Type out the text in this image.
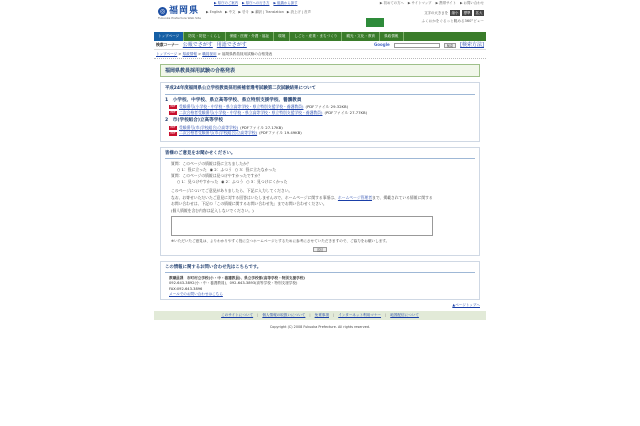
◎ 福岡県
Fukuoka Prefecture Web Site
▶ 県庁のご案内 ▶ 県庁への行き方 ▶ 組織から探す
▶ English ▶ 中文 ▶ 한국 ▶ 翻訳 | Translation ▶ 読上げ | 音声
▶ 初めての方へ ▶ サイトマップ ▶ 携帯サイト ▶ お問い合わせ
文字の大きさを	縮小	標準	拡大
ふくおかをぐるっと眺める360°ビュー
トップページ	防災・防犯・くらし	保健・医療・介護・福祉	環境	しごと・産業・まちづくり	観光・文化・教育	県政情報
検索コーナー 公報でさがす 用語でさがす	Google	検索	[検索方法]
トップページ > 県政情報 > 職員採用 > 福岡県教員採用試験の合格発表
福岡県教員採用試験の合格発表
平成24年度福岡県公立学校教員採用候補者選考試験第二次試験結果について
1　小学校、中学校、県立高等学校、県立特別支援学校、養護教員
PDF 受験番号(小学校・中学校・県立高等学校・県立特別支援学校・養護教員) (PDFファイル 29.32KB)
PDF 二次合格者受験番号(小学校・中学校・県立高等学校・県立特別支援学校・養護教員) (PDFファイル 27.77KB)
2　市(学校組合)立高等学校
PDF 受験番号(市(学校組合)立高等学校) (PDFファイル 27.17KB)
PDF 二次合格者受験番号(市(学校組合)立高等学校) (PDFファイル 19.49KB)
皆様のご意見をお聞かせください。
質問：このページの情報は役に立ちましたか？
○ 1：役に立った ◉ 2：ふつう ○ 3：役に立たなかった
質問：このページの情報は見つけやすかったですか？
○ 1：見つけやすかった ◉ 2：ふつう ○ 3：見つけにくかった
このページについてご意見がありましたら、下記に入力してください。
なお、お寄せいただいたご意見に対する回答はいたしませんので、ホームページに関する事項は、ホームページ管理者まで、掲載されている情報に関する
お問い合わせは、下記の「この情報に関するお問い合わせ先」までお問い合わせください。
(個人情報を含む内容は記入しないでください。)
※いただいたご意見は、よりわかりやすく役に立つホームページとするために参考にさせていただきますので、ご協力をお願いします。
送信
この情報に関するお問い合わせ先はこちらです。

教職員課　市町村立学校(小・中・養護教員)、県立学校係(高等学校・特別支援学校)

092-643-3892(小・中・養護教員)、092-643-3893(高等学校・特別支援学校)

FAX:092-643-3896

メールでのお問い合わせはこちら

▲ページトップへ
このサイトについて | 個人情報の取扱いについて | 免責事項 | インターネット利用マナー | 地図配信について
Copyright (C) 2008 Fukuoka Prefecture. All rights reserved.
